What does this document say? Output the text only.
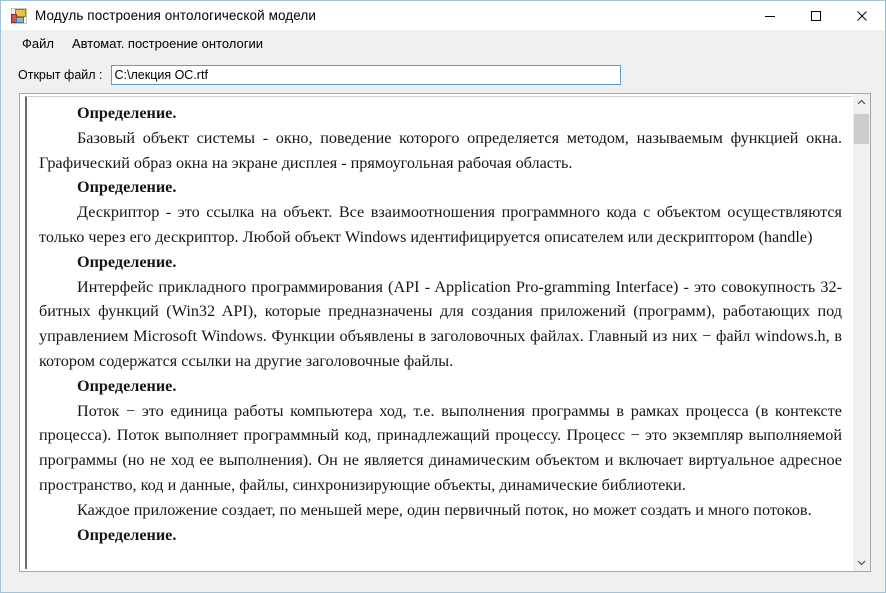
Модуль построения онтологической модели
Файл	Автомат. построение онтологии
Открыт файл :
C:\лекция ОС.rtf

Определение.

Базовый объект системы - окно, поведение которого определяется методом, называемым функцией окна. Графический образ окна на экране дисплея - прямоугольная рабочая область.

Определение.

Дескриптор - это ссылка на объект. Все взаимоотношения программного кода с объектом осуществляются только через его дескриптор. Любой объект Windows идентифицируется описателем или дескриптором (handle)

Определение.

Интерфейс прикладного программирования (API - Application Pro-gramming Interface) - это совокупность 32-битных функций (Win32 API), которые предназначены для создания приложений (программ), работающих под управлением Microsoft Windows. Функции объявлены в заголовочных файлах. Главный из них − файл windows.h, в котором содержатся ссылки на другие заголовочные файлы.

Определение.

Поток − это единица работы компьютера ход, т.е. выполнения программы в рамках процесса (в контексте процесса). Поток выполняет программный код, принадлежащий процессу. Процесс − это экземпляр выполняемой программы (но не ход ее выполнения). Он не является динамическим объектом и включает виртуальное адресное пространство, код и данные, файлы, синхронизирующие объекты, динамические библиотеки.

Каждое приложение создает, по меньшей мере, один первичный поток, но может создать и много потоков.

Определение.
